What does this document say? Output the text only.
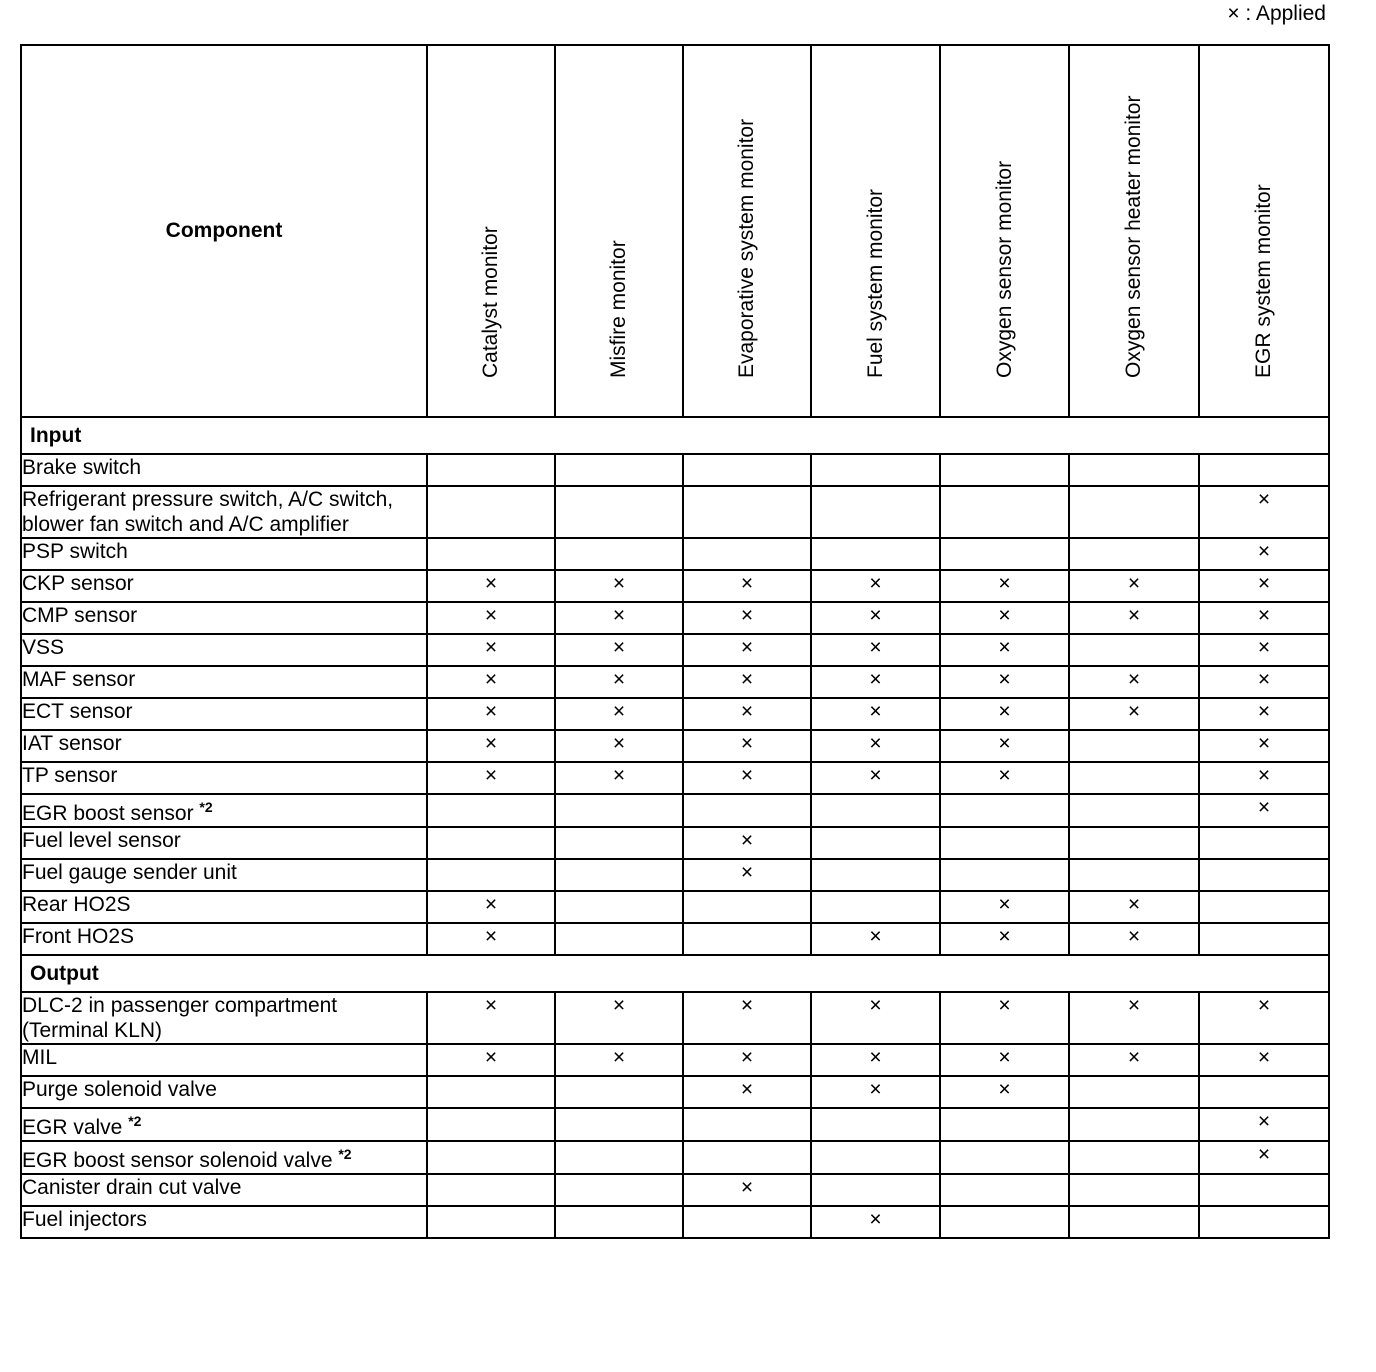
× : Applied
Component	Catalyst monitor	Misfire monitor	Evaporative system monitor	Fuel system monitor	Oxygen sensor monitor	Oxygen sensor heater monitor	EGR system monitor

Input							
Brake switch							
Refrigerant pressure switch, A/C switch, blower fan switch and A/C amplifier							×
PSP switch							×
CKP sensor	×	×	×	×	×	×	×
CMP sensor	×	×	×	×	×	×	×
VSS	×	×	×	×	×		×
MAF sensor	×	×	×	×	×	×	×
ECT sensor	×	×	×	×	×	×	×
IAT sensor	×	×	×	×	×		×
TP sensor	×	×	×	×	×		×
EGR boost sensor $^{*2}$							×
Fuel level sensor			×				
Fuel gauge sender unit			×				
Rear HO2S	×				×	×	
Front HO2S	×			×	×	×	
Output							
DLC-2 in passenger compartment (Terminal KLN)	×	×	×	×	×	×	×
MIL	×	×	×	×	×	×	×
Purge solenoid valve			×	×	×		
EGR valve $^{*2}$							×
EGR boost sensor solenoid valve $^{*2}$							×
Canister drain cut valve			×				
Fuel injectors				×			
